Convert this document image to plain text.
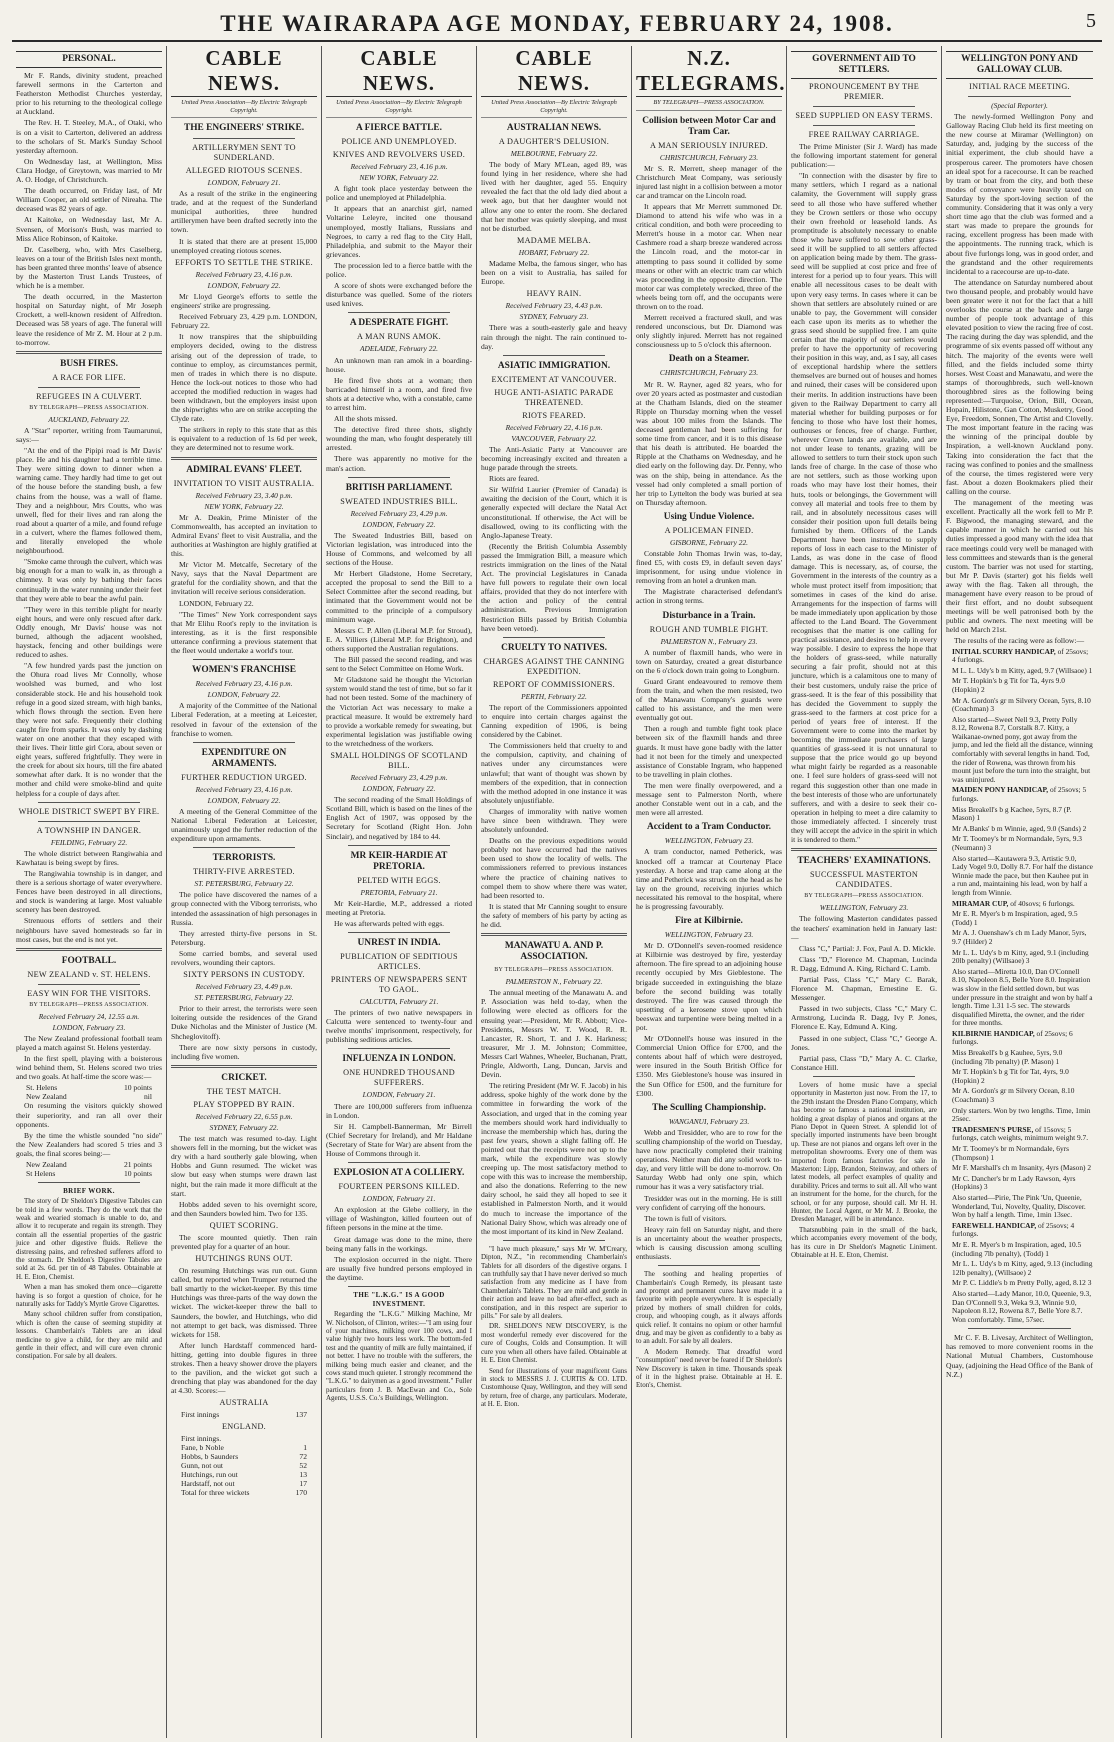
THE WAIRARAPA AGE MONDAY, FEBRUARY 24, 1908.	5
PERSONAL.

Mr F. Rands, divinity student, preached farewell sermons in the Carterton and Featherston Methodist Churches yesterday, prior to his returning to the theological college at Auckland.

The Rev. H. T. Steeley, M.A., of Otaki, who is on a visit to Carterton, delivered an address to the scholars of St. Mark's Sunday School yesterday afternoon.

On Wednesday last, at Wellington, Miss Clara Hodge, of Greytown, was married to Mr A. O. Hodge, of Christchurch.

The death occurred, on Friday last, of Mr William Cooper, an old settler of Nireaha. The deceased was 82 years of age.

At Kaitoke, on Wednesday last, Mr A. Svensen, of Morison's Bush, was married to Miss Alice Robinson, of Kaitoke.

Dr. Caselberg, who, with Mrs Caselberg, leaves on a tour of the British Isles next month, has been granted three months' leave of absence by the Masterton Trust Lands Trustees, of which he is a member.

The death occurred, in the Masterton hospital on Saturday night, of Mr Joseph Crockett, a well-known resident of Alfredton. Deceased was 58 years of age. The funeral will leave the residence of Mr Z. M. Hour at 2 p.m. to-morrow.

BUSH FIRES.
A RACE FOR LIFE.
REFUGEES IN A CULVERT.
BY TELEGRAPH—PRESS ASSOCIATION.
AUCKLAND, February 22.

A "Star" reporter, writing from Taumarunui, says:—

"At the end of the Pipipi road is Mr Davis' place. He and his daughter had a terrible time. They were sitting down to dinner when a warning came. They hardly had time to get out of the house before the standing bush, a few chains from the house, was a wall of flame. They and a neighbour, Mrs Coutts, who was unwell, fled for their lives and ran along the road about a quarter of a mile, and found refuge in a culvert, where the flames followed them, and literally enveloped the whole neighbourhood.

"Smoke came through the culvert, which was big enough for a man to walk in, as through a chimney. It was only by bathing their faces continually in the water running under their feet that they were able to bear the awful pain.

"They were in this terrible plight for nearly eight hours, and were only rescued after dark. Oddly enough, Mr Davis' house was not burned, although the adjacent woolshed, haystack, fencing and other buildings were reduced to ashes.

"A few hundred yards past the junction on the Ohura road lives Mr Connolly, whose woolshed was burned, and who lost considerable stock. He and his household took refuge in a good sized stream, with high banks, which flows through the section. Even here they were not safe. Frequently their clothing caught fire from sparks. It was only by dashing water on one another that they escaped with their lives. Their little girl Cora, about seven or eight years, suffered frightfully. They were in the creek for about six hours, till the fire abated somewhat after dark. It is no wonder that the mother and child were smoke-blind and quite helpless for a couple of days after.

WHOLE DISTRICT SWEPT BY FIRE.
A TOWNSHIP IN DANGER.
FEILDING, February 22.

The whole district between Rangiwahia and Kawhatau is being swept by fires.

The Rangiwahia township is in danger, and there is a serious shortage of water everywhere. Fences have been destroyed in all directions, and stock is wandering at large. Most valuable scenery has been destroyed.

Strenuous efforts of settlers and their neighbours have saved homesteads so far in most cases, but the end is not yet.

FOOTBALL.
NEW ZEALAND v. ST. HELENS.
EASY WIN FOR THE VISITORS.
BY TELEGRAPH—PRESS ASSOCIATION.
Received February 24, 12.55 a.m.
LONDON, February 23.

The New Zealand professional football team played a match against St. Helens yesterday.

In the first spell, playing with a boisterous wind behind them, St. Helens scored two tries and two goals. At half-time the score was:—

St. Helens	10 points
New Zealand	nil

On resuming the visitors quickly showed their superiority, and ran all over their opponents.

By the time the whistle sounded "no side" the New Zealanders had scored 5 tries and 3 goals, the final scores being:—

New Zealand	21 points
St Helens	10 points
BRIEF WORK.

The story of Dr Sheldon's Digestive Tabules can be told in a few words. They do the work that the weak and wearied stomach is unable to do, and allow it to recuperate and regain its strength. They contain all the essential properties of the gastric juice and other digestive fluids. Relieve the distressing pains, and refreshed sufferers afford to the stomach. Dr Sheldon's Digestive Tabules are sold at 2s. 6d. per tin of 48 Tabules. Obtainable at H. E. Eton, Chemist.

When a man has smoked them once—cigarette having is so forgot a question of choice, for he naturally asks for Taddy's Myrtle Grove Cigarettes.

Many school children suffer from constipation, which is often the cause of seeming stupidity at lessons. Chamberlain's Tablets are an ideal medicine to give a child, for they are mild and gentle in their effect, and will cure even chronic constipation. For sale by all dealers.

CABLE NEWS.
United Press Association—By Electric Telegraph Copyright.
THE ENGINEERS' STRIKE.
ARTILLERYMEN SENT TO SUNDERLAND.
ALLEGED RIOTOUS SCENES.
LONDON, February 21.

As a result of the strike in the engineering trade, and at the request of the Sunderland municipal authorities, three hundred artillerymen have been drafted secretly into the town.

It is stated that there are at present 15,000 unemployed creating riotous scenes.

EFFORTS TO SETTLE THE STRIKE.
Received February 23, 4.16 p.m.
LONDON, February 22.

Mr Lloyd George's efforts to settle the engineers' strike are progressing.

Received February 23, 4.29 p.m. LONDON, February 22.

It now transpires that the shipbuilding employers decided, owing to the distress arising out of the depression of trade, to continue to employ, as circumstances permit, men of trades in which there is no dispute. Hence the lock-out notices to those who had accepted the modified reduction in wages had been withdrawn, but the employers insist upon the shipwrights who are on strike accepting the Clyde rate.

The strikers in reply to this state that as this is equivalent to a reduction of 1s 6d per week, they are determined not to resume work.

ADMIRAL EVANS' FLEET.
INVITATION TO VISIT AUSTRALIA.
Received February 23, 3.40 p.m.
NEW YORK, February 22.

Mr A. Deakin, Prime Minister of the Commonwealth, has accepted an invitation to Admiral Evans' fleet to visit Australia, and the authorities at Washington are highly gratified at this.

Mr Victor M. Metcalfe, Secretary of the Navy, says that the Naval Department are grateful for the cordiality shown, and that the invitation will receive serious consideration.

LONDON, February 22.

"The Times" New York correspondent says that Mr Elihu Root's reply to the invitation is interesting, as it is the first responsible utterance confirming a previous statement that the fleet would undertake a world's tour.

WOMEN'S FRANCHISE
Received February 23, 4.16 p.m.
LONDON, February 22.

A majority of the Committee of the National Liberal Federation, at a meeting at Leicester, resolved in favour of the extension of the franchise to women.

EXPENDITURE ON ARMAMENTS.
FURTHER REDUCTION URGED.
Received February 23, 4.16 p.m.
LONDON, February 22.

A meeting of the General Committee of the National Liberal Federation at Leicester, unanimously urged the further reduction of the expenditure upon armaments.

TERRORISTS.
THIRTY-FIVE ARRESTED.
ST. PETERSBURG, February 22.

The police have discovered the names of a group connected with the Viborg terrorists, who intended the assassination of high personages in Russia.

They arrested thirty-five persons in St. Petersburg.

Some carried bombs, and several used revolvers, wounding their captors.

SIXTY PERSONS IN CUSTODY.
Received February 23, 4.49 p.m.
ST. PETERSBURG, February 22.

Prior to their arrest, the terrorists were seen loitering outside the residences of the Grand Duke Nicholas and the Minister of Justice (M. Shcheglovitoff).

There are now sixty persons in custody, including five women.

CRICKET.
THE TEST MATCH.
PLAY STOPPED BY RAIN.
Received February 22, 6.55 p.m.
SYDNEY, February 22.

The test match was resumed to-day. Light showers fell in the morning, but the wicket was dry with a hard southerly gale blowing, when Hobbs and Gunn resumed. The wicket was slow but easy when stumps were drawn last night, but the rain made it more difficult at the start.

Hobbs added seven to his overnight score, and then Saunders bowled him. Two for 135.

QUIET SCORING.

The score mounted quietly. Then rain prevented play for a quarter of an hour.

HUTCHINGS RUNS OUT.

On resuming Hutchings was run out. Gunn called, but reported when Trumper returned the ball smartly to the wicket-keeper. By this time Hutchings was three-parts of the way down the wicket. The wicket-keeper threw the ball to Saunders, the bowler, and Hutchings, who did not attempt to get back, was dismissed. Three wickets for 158.

After lunch Hardstaff commenced hard-hitting, getting into double figures in three strokes. Then a heavy shower drove the players to the pavilion, and the wicket got such a drenching that play was abandoned for the day at 4.30. Scores:—

AUSTRALIA
First innings	137
ENGLAND.
First innings.
Fane, b Noble	1
Hobbs, b Saunders	72
Gunn, not out	52
Hutchings, run out	13
Hardstaff, not out	17
Total for three wickets	170
CABLE NEWS.
United Press Association—By Electric Telegraph Copyright.
A FIERCE BATTLE.
POLICE AND UNEMPLOYED.
KNIVES AND REVOLVERS USED.
Received February 23, 4.16 p.m.
NEW YORK, February 22.

A fight took place yesterday between the police and unemployed at Philadelphia.

It appears that an anarchist girl, named Voltarine Leleyre, incited one thousand unemployed, mostly Italians, Russians and Negroes, to carry a red flag to the City Hall, Philadelphia, and submit to the Mayor their grievances.

The procession led to a fierce battle with the police.

A score of shots were exchanged before the disturbance was quelled. Some of the rioters used knives.

A DESPERATE FIGHT.
A MAN RUNS AMOK.
ADELAIDE, February 22.

An unknown man ran amok in a boarding-house.

He fired five shots at a woman; then barricaded himself in a room, and fired five shots at a detective who, with a constable, came to arrest him.

All the shots missed.

The detective fired three shots, slightly wounding the man, who fought desperately till arrested.

There was apparently no motive for the man's action.

BRITISH PARLIAMENT.
SWEATED INDUSTRIES BILL.
Received February 23, 4.29 p.m.
LONDON, February 22.

The Sweated Industries Bill, based on Victorian legislation, was introduced into the House of Commons, and welcomed by all sections of the House.

Mr Herbert Gladstone, Home Secretary, accepted the proposal to send the Bill to a Select Committee after the second reading, but intimated that the Government would not be committed to the principle of a compulsory minimum wage.

Messrs C. P. Allen (Liberal M.P. for Stroud), E. A. Villiers (Liberal M.P. for Brighton), and others supported the Australian regulations.

The Bill passed the second reading, and was sent to the Select Committee on Home Work.

Mr Gladstone said he thought the Victorian system would stand the test of time, but so far it had not been tested. Some of the machinery of the Victorian Act was necessary to make a practical measure. It would be extremely hard to provide a workable remedy for sweating, but experimental legislation was justifiable owing to the wretchedness of the workers.

SMALL HOLDINGS OF SCOTLAND BILL.
Received February 23, 4.29 p.m.
LONDON, February 22.

The second reading of the Small Holdings of Scotland Bill, which is based on the lines of the English Act of 1907, was opposed by the Secretary for Scotland (Right Hon. John Sinclair), and negatived by 184 to 44.

MR KEIR-HARDIE AT PRETORIA.
PELTED WITH EGGS.
PRETORIA, February 21.

Mr Keir-Hardie, M.P., addressed a rioted meeting at Pretoria.

He was afterwards pelted with eggs.

UNREST IN INDIA.
PUBLICATION OF SEDITIOUS ARTICLES.
PRINTERS OF NEWSPAPERS SENT TO GAOL.
CALCUTTA, February 21.

The printers of two native newspapers in Calcutta were sentenced to twenty-four and twelve months' imprisonment, respectively, for publishing seditious articles.

INFLUENZA IN LONDON.
ONE HUNDRED THOUSAND SUFFERERS.
LONDON, February 21.

There are 100,000 sufferers from influenza in London.

Sir H. Campbell-Bannerman, Mr Birrell (Chief Secretary for Ireland), and Mr Haldane (Secretary of State for War) are absent from the House of Commons through it.

EXPLOSION AT A COLLIERY.
FOURTEEN PERSONS KILLED.
LONDON, February 21.

An explosion at the Glebe colliery, in the village of Washington, killed fourteen out of fifteen persons in the mine at the time.

Great damage was done to the mine, there being many falls in the workings.

The explosion occurred in the night. There are usually five hundred persons employed in the daytime.

THE "L.K.G." IS A GOOD INVESTMENT.

Regarding the "L.K.G." Milking Machine, Mr W. Nicholson, of Clinton, writes:—"I am using four of your machines, milking over 100 cows, and I value highly two hours less work. The bottom-fed test and the quantity of milk are fully maintained, if not better. I have no trouble with the sufferers, the milking being much easier and cleaner, and the cows stand much quieter. I strongly recommend the "L.K.G." to dairymen as a good investment." Fuller particulars from J. B. MacEwan and Co., Sole Agents, U.S.S. Co.'s Buildings, Wellington.

CABLE NEWS.
United Press Association—By Electric Telegraph Copyright.
AUSTRALIAN NEWS.
A DAUGHTER'S DELUSION.
MELBOURNE, February 22.

The body of Mary M'Lean, aged 89, was found lying in her residence, where she had lived with her daughter, aged 55. Enquiry revealed the fact that the old lady died about a week ago, but that her daughter would not allow any one to enter the room. She declared that her mother was quietly sleeping, and must not be disturbed.

MADAME MELBA.
HOBART, February 22.

Madame Melba, the famous singer, who has been on a visit to Australia, has sailed for Europe.

HEAVY RAIN.
Received February 23, 4.43 p.m.
SYDNEY, February 23.

There was a south-easterly gale and heavy rain through the night. The rain continued to-day.

ASIATIC IMMIGRATION.
EXCITEMENT AT VANCOUVER.
HUGE ANTI-ASIATIC PARADE THREATENED.
RIOTS FEARED.
Received February 22, 4.16 p.m.
VANCOUVER, February 22.

The Anti-Asiatic Party at Vancouver are becoming increasingly excited and threaten a huge parade through the streets.

Riots are feared.

Sir Wilfrid Laurier (Premier of Canada) is awaiting the decision of the Court, which it is generally expected will declare the Natal Act unconstitutional. If otherwise, the Act will be disallowed, owing to its conflicting with the Anglo-Japanese Treaty.

(Recently the British Columbia Assembly passed the Immigration Bill, a measure which restricts immigration on the lines of the Natal Act. The provincial Legislatures in Canada have full powers to regulate their own local affairs, provided that they do not interfere with the action and policy of the central administration. Previous Immigration Restriction Bills passed by British Columbia have been vetoed).

CRUELTY TO NATIVES.
CHARGES AGAINST THE CANNING EXPEDITION.
REPORT OF COMMISSIONERS.
PERTH, February 22.

The report of the Commissioners appointed to enquire into certain charges against the Canning expedition of 1906, is being considered by the Cabinet.

The Commissioners held that cruelty to and the compulsion, captivity, and chaining of natives under any circumstances were unlawful; that want of thought was shown by members of the expedition, that in connection with the method adopted in one instance it was absolutely unjustifiable.

Charges of immorality with native women have since been withdrawn. They were absolutely unfounded.

Deaths on the previous expeditions would probably not have occurred had the natives been used to show the locality of wells. The commissioners referred to previous instances where the practice of chaining natives to compel them to show where there was water, had been resorted to.

It is stated that Mr Canning sought to ensure the safety of members of his party by acting as he did.

MANAWATU A. AND P. ASSOCIATION.
BY TELEGRAPH—PRESS ASSOCIATION.
PALMERSTON N., February 22.

The annual meeting of the Manawatu A. and P. Association was held to-day, when the following were elected as officers for the ensuing year:—President, Mr R. Abbott; Vice-Presidents, Messrs W. T. Wood, R. R. Lancaster, R. Short, T. and J. K. Harkness; treasurer, Mr J. M. Johnston; Committee, Messrs Carl Wahnes, Wheeler, Buchanan, Pratt, Pringle, Aldworth, Lang, Duncan, Jarvis and Devin.

The retiring President (Mr W. F. Jacob) in his address, spoke highly of the work done by the committee in forwarding the work of the Association, and urged that in the coming year the members should work hard individually to increase the membership which has, during the past few years, shown a slight falling off. He pointed out that the receipts were not up to the mark, while the expenditure was slowly creeping up. The most satisfactory method to cope with this was to increase the membership, and also the donations. Referring to the new dairy school, he said they all hoped to see it established in Palmerston North, and it would do much to increase the importance of the National Dairy Show, which was already one of the most important of its kind in New Zealand.

"I have much pleasure," says Mr W. M'Creary, Dipton, N.Z., "in recommending Chamberlain's Tablets for all disorders of the digestive organs. I can truthfully say that I have never derived so much satisfaction from any medicine as I have from Chamberlain's Tablets. They are mild and gentle in their action and leave no bad after-effect, such as constipation, and in this respect are superior to pills." For sale by all dealers.

DR. SHELDON'S NEW DISCOVERY, is the most wonderful remedy ever discovered for the cure of Coughs, Colds and Consumption. It will cure you when all others have failed. Obtainable at H. E. Eton Chemist.

Send for illustrations of your magnificent Guns in stock to MESSRS J. J. CURTIS & CO. LTD. Customhouse Quay, Wellington, and they will send by return, free of charge, any particulars. Moderate, at H. E. Eton.

N.Z. TELEGRAMS.
BY TELEGRAPH—PRESS ASSOCIATION.
Collision between Motor Car and Tram Car.
A MAN SERIOUSLY INJURED.
CHRISTCHURCH, February 23.

Mr S. R. Merrett, sheep manager of the Christchurch Meat Company, was seriously injured last night in a collision between a motor car and tramcar on the Lincoln road.

It appears that Mr Merrett summoned Dr. Diamond to attend his wife who was in a critical condition, and both were proceeding to Merrett's house in a motor car. When near Cashmere road a sharp breeze wandered across the Lincoln road, and the motor-car in attempting to pass sound it collided by some means or other with an electric tram car which was proceeding in the opposite direction. The motor car was completely wrecked, three of the wheels being torn off, and the occupants were thrown on to the road.

Merrett received a fractured skull, and was rendered unconscious, but Dr. Diamond was only slightly injured. Merrett has not regained consciousness up to 5 o'clock this afternoon.

Death on a Steamer.
CHRISTCHURCH, February 23.

Mr R. W. Rayner, aged 82 years, who for over 20 years acted as postmaster and custodian at the Chatham Islands, died on the steamer Ripple on Thursday morning when the vessel was about 100 miles from the Islands. The deceased gentleman had been suffering for some time from cancer, and it is to this disease that his death is attributed. He boarded the Ripple at the Chathams on Wednesday, and he died early on the following day. Dr. Penny, who was on the ship, being in attendance. As the vessel had only completed a small portion of her trip to Lyttelton the body was buried at sea on Thursday afternoon.

Using Undue Violence.
A POLICEMAN FINED.
GISBORNE, February 22.

Constable John Thomas Irwin was, to-day, fined £5, with costs £9, in default seven days' imprisonment, for using undue violence in removing from an hotel a drunken man.

The Magistrate characterised defendant's action in strong terms.

Disturbance in a Train.
ROUGH AND TUMBLE FIGHT.
PALMERSTON N., February 23.

A number of flaxmill hands, who were in town on Saturday, created a great disturbance on the 6 o'clock down train going to Longburn.

Guard Grant endeavoured to remove them from the train, and when the men resisted, two of the Manawatu Company's guards were called to his assistance, and the men were eventually got out.

Then a rough and tumble fight took place between six of the flaxmill hands and three guards. It must have gone badly with the latter had it not been for the timely and unexpected assistance of Constable Ingram, who happened to be travelling in plain clothes.

The men were finally overpowered, and a message sent to Palmerston North, where another Constable went out in a cab, and the men were all arrested.

Accident to a Tram Conductor.
WELLINGTON, February 23.

A tram conductor, named Petherick, was knocked off a tramcar at Courtenay Place yesterday. A horse and trap came along at the time and Petherick was struck on the head as he lay on the ground, receiving injuries which necessitated his removal to the hospital, where he is progressing favourably.

Fire at Kilbirnie.
WELLINGTON, February 23.

Mr D. O'Donnell's seven-roomed residence at Kilbirnie was destroyed by fire, yesterday afternoon. The fire spread to an adjoining house recently occupied by Mrs Gieblestone. The brigade succeeded in extinguishing the blaze before the second building was totally destroyed. The fire was caused through the upsetting of a kerosene stove upon which beeswax and turpentine were being melted in a pot.

Mr O'Donnell's house was insured in the Commercial Union Office for £700, and the contents about half of which were destroyed, were insured in the South British Office for £350. Mrs Gieblestone's house was insured in the Sun Office for £500, and the furniture for £300.

The Sculling Championship.
WANGANUI, February 23.

Webb and Tresidder, who are to row for the sculling championship of the world on Tuesday, have now practically completed their training operations. Neither man did any solid work to-day, and very little will be done to-morrow. On Saturday Webb had only one spin, which rumour has it was a very satisfactory trial.

Tresidder was out in the morning. He is still very confident of carrying off the honours.

The town is full of visitors.

Heavy rain fell on Saturday night, and there is an uncertainty about the weather prospects, which is causing discussion among sculling enthusiasts.

The soothing and healing properties of Chamberlain's Cough Remedy, its pleasant taste and prompt and permanent cures have made it a favourite with people everywhere. It is especially prized by mothers of small children for colds, croup, and whooping cough, as it always affords quick relief. It contains no opium or other harmful drug, and may be given as confidently to a baby as to an adult. For sale by all dealers.

A Modern Remedy. That dreadful word "consumption" need never be feared if Dr Sheldon's New Discovery is taken in time. Thousands speak of it in the highest praise. Obtainable at H. E. Eton's, Chemist.

GOVERNMENT AID TO SETTLERS.
PRONOUNCEMENT BY THE PREMIER.
SEED SUPPLIED ON EASY TERMS.
FREE RAILWAY CARRIAGE.

The Prime Minister (Sir J. Ward) has made the following important statement for general publication:—

"In connection with the disaster by fire to many settlers, which I regard as a national calamity, the Government will supply grass seed to all those who have suffered whether they be Crown settlers or those who occupy their own freehold or leasehold lands. As promptitude is absolutely necessary to enable those who have suffered to sow other grass-seed it will be supplied to all settlers affected on application being made by them. The grass-seed will be supplied at cost price and free of interest for a period up to four years. This will enable all necessitous cases to be dealt with upon very easy terms. In cases where it can be shown that settlers are absolutely ruined or are unable to pay, the Government will consider each case upon its merits as to whether the grass seed should be supplied free. I am quite certain that the majority of our settlers would prefer to have the opportunity of recovering their position in this way, and, as I say, all cases of exceptional hardship where the settlers themselves are burned out of houses and homes and ruined, their cases will be considered upon their merits. In addition instructions have been given to the Railway Department to carry all material whether for building purposes or for fencing to those who have lost their homes, outhouses or fences, free of charge. Further, wherever Crown lands are available, and are not under lease to tenants, grazing will be allowed to settlers to turn their stock upon such lands free of charge. In the case of those who are not settlers, such as those working upon roads who may have lost their homes, their huts, tools or belongings, the Government will convey all material and tools free to them by rail, and in absolutely necessitous cases will consider their position upon full details being furnished by them. Officers of the Lands Department have been instructed to supply reports of loss in each case to the Minister of Lands, as was done in the case of flood damage. This is necessary, as, of course, the Government in the interests of the country as a whole must protect itself from imposition; that sometimes in cases of the kind do arise. Arrangements for the inspection of farms will be made immediately upon application by those affected to the Land Board. The Government recognises that the matter is one calling for practical assistance, and desires to help in every way possible. I desire to express the hope that the holders of grass-seed, while naturally securing a fair profit, should not at this juncture, which is a calamitous one to many of their best customers, unduly raise the price of grass-seed. It is the fear of this possibility that has decided the Government to supply the grass-seed to the farmers at cost price for a period of years free of interest. If the Government were to come into the market by becoming the immediate purchasers of large quantities of grass-seed it is not unnatural to suppose that the price would go up beyond what might fairly be regarded as a reasonable one. I feel sure holders of grass-seed will not regard this suggestion other than one made in the best interests of those who are unfortunately sufferers, and with a desire to seek their co-operation in helping to meet a dire calamity to those immediately affected. I sincerely trust they will accept the advice in the spirit in which it is tendered to them."

TEACHERS' EXAMINATIONS.
SUCCESSFUL MASTERTON CANDIDATES.
BY TELEGRAPH—PRESS ASSOCIATION.
WELLINGTON, February 23.

The following Masterton candidates passed the teachers' examination held in January last:—

Class "C," Partial: J. Fox, Paul A. D. Mickle.

Class "D," Florence M. Chapman, Lucinda R. Dagg, Edmund A. King, Richard C. Lamb.

Partial Pass, Class "C," Mary C. Barak, Florence M. Chapman, Ernestine E. G. Messenger.

Passed in two subjects, Class "C," Mary C. Armstrong, Lucinda R. Dagg, Ivy P. Jones, Florence E. Kay, Edmund A. King.

Passed in one subject, Class "C," George A. Jones.

Partial pass, Class "D," Mary A. C. Clarke, Constance Hill.

Lovers of home music have a special opportunity in Masterton just now. From the 17, to the 29th instant the Dresden Piano Company, which has become so famous a national institution, are holding a great display of pianos and organs at the Piano Depot in Queen Street. A splendid lot of specially imported instruments have been brought up. These are not pianos and organs left over in the metropolitan showrooms. Every one of them was imported from famous factories for sale in Masterton: Lipp, Brandon, Steinway, and others of latest models, all perfect examples of quality and durability. Prices and terms to suit all. All who want an instrument for the home, for the church, for the school, or for any purpose, should call. Mr H. H. Hunter, the Local Agent, or Mr M. J. Brooke, the Dresden Manager, will be in attendance.

Thatsnubbing pain in the small of the back, which accompanies every movement of the body, has its cure in Dr Sheldon's Magnetic Liniment. Obtainable at H. E. Eton, Chemist.

WELLINGTON PONY AND GALLOWAY CLUB.
INITIAL RACE MEETING.
(Special Reporter).

The newly-formed Wellington Pony and Galloway Racing Club held its first meeting on the new course at Miramar (Wellington) on Saturday, and, judging by the success of the initial experiment, the club should have a prosperous career. The promoters have chosen an ideal spot for a racecourse. It can be reached by tram or boat from the city, and both these modes of conveyance were heavily taxed on Saturday by the sport-loving section of the community. Considering that it was only a very short time ago that the club was formed and a start was made to prepare the grounds for racing, excellent progress has been made with the appointments. The running track, which is about five furlongs long, was in good order, and the grandstand and the other requirements incidental to a racecourse are up-to-date.

The attendance on Saturday numbered about two thousand people, and probably would have been greater were it not for the fact that a hill overlooks the course at the back and a large number of people took advantage of this elevated position to view the racing free of cost. The racing during the day was splendid, and the programme of six events passed off without any hitch. The majority of the events were well filled, and the fields included some thirty horses. West Coast and Manawatu, and were the stamps of thoroughbreds, such well-known thoroughbred sires as the following being represented:—Turquoise, Orion, Bill, Ocean, Hopain, Hilistone, Gan Cotton, Musketry, Good Eye, Freedom, Sonnen, The Artist and Clovelly. The most important feature in the racing was the winning of the principal double by Inspiration, a well-known Auckland pony. Taking into consideration the fact that the racing was confined to ponies and the smallness of the course, the times registered were very fast. About a dozen Bookmakers plied their calling on the course.

The management of the meeting was excellent. Practically all the work fell to Mr P. F. Bigwood, the managing steward, and the capable manner in which he carried out his duties impressed a good many with the idea that race meetings could very well be managed with less committees and stewards than is the general custom. The barrier was not used for starting, but Mr P. Davis (starter) got his fields well away with the flag. Taken all through, the management have every reason to be proud of their first effort, and no doubt subsequent meetings will be well patronised both by the public and owners. The next meeting will be held on March 21st.

The results of the racing were as follow:—

INITIAL SCURRY HANDICAP, of 25sovs; 4 furlongs.
M L. L. Udy's b m Kitty, aged, 9.7 (Willsaoe) 1
Mr T. Hopkin's b g Tit for Ta, 4yrs 9.0 (Hopkin) 2
Mr A. Gordon's gr m Silvery Ocean, 5yrs, 8.10 (Coachman) 3
Also started—Sweet Nell 9.3, Pretty Polly 8.12, Rowena 8.7, Corstalk 8.7. Kitty, a Waikanae-owned pony, got away from the jump, and led the field all the distance, winning comfortably with several lengths in hand. Tod, the rider of Rowena, was thrown from his mount just before the turn into the straight, but was uninjured.
MAIDEN PONY HANDICAP, of 25sovs; 5 furlongs.
Miss Breakell's b g Kachee, 5yrs, 8.7 (P. Mason) 1
Mr A.Banks' b m Winnie, aged, 9.0 (Sands) 2
Mr T. Toomey's br m Normandale, 5yrs, 9.3 (Neumann) 3
Also started—Kautawera 9.3, Artistic 9.0, Lady Vogel 9.0, Dolly 8.7. For half the distance Winnie made the pace, but then Kauhee put in a run and, maintaining his lead, won by half a length from Winnie.
MIRAMAR CUP, of 40sovs; 6 furlongs.
Mr E. R. Myer's b m Inspiration, aged, 9.5 (Todd) 1
Mr A. J. Ouenshaw's ch m Lady Manor, 5yrs, 9.7 (Hilder) 2
Mr L. L. Udy's b m Kitty, aged, 9.1 (including 20lb penalty) (Willsaoe) 3
Also started—Miretta 10.0, Dan O'Connell 8.10, Napoleon 8.5, Belle Yore 8.0. Inspiration was slow in the field settled down, but was under pressure in the straight and won by half a length. Time 1.31 1-5 sec. The stewards disqualified Miretta, the owner, and the rider for three months.
KILBIRNIE HANDICAP, of 25sovs; 6 furlongs.
Miss Breakell's b g Kauhee, 5yrs, 9.0 (including 7lb penalty) (P. Mason) 1
Mr T. Hopkin's b g Tit for Tat, 4yrs, 9.0 (Hopkin) 2
Mr A. Gordon's gr m Silvery Ocean, 8.10 (Coachman) 3
Only starters. Won by two lengths. Time, 1min 25sec.
TRADESMEN'S PURSE, of 15sovs; 5 furlongs, catch weights, minimum weight 9.7.
Mr T. Toomey's br m Normandale, 6yrs (Thompson) 1
Mr F. Marshall's ch m Insanity, 4yrs (Mason) 2
Mr C. Dancher's br m Lady Rawson, 4yrs (Hopkins) 3
Also started—Pirie, The Pink 'Un, Queenie, Wonderland, Tui, Novelty, Quality, Discover. Won by half a length. Time, 1min 13sec.
FAREWELL HANDICAP, of 25sovs; 4 furlongs.
Mr E. R. Myer's b m Inspiration, aged, 10.5 (including 7lb penalty), (Todd) 1
Mr L. L. Udy's b m Kitty, aged, 9.13 (including 12lb penalty), (Willsaoe) 2
Mr P. C. Liddle's b m Pretty Polly, aged, 8.12 3
Also started—Lady Manor, 10.0, Queenie, 9.3, Dan O'Connell 9.3, Weka 9.3, Winnie 9.0, Napoleon 8.12, Rowena 8.7, Belle Yore 8.7. Won comfortably. Time, 57sec.

Mr C. F. B. Livesay, Architect of Wellington, has removed to more convenient rooms in the National Mutual Chambers, Customhouse Quay, (adjoining the Head Office of the Bank of N.Z.)
